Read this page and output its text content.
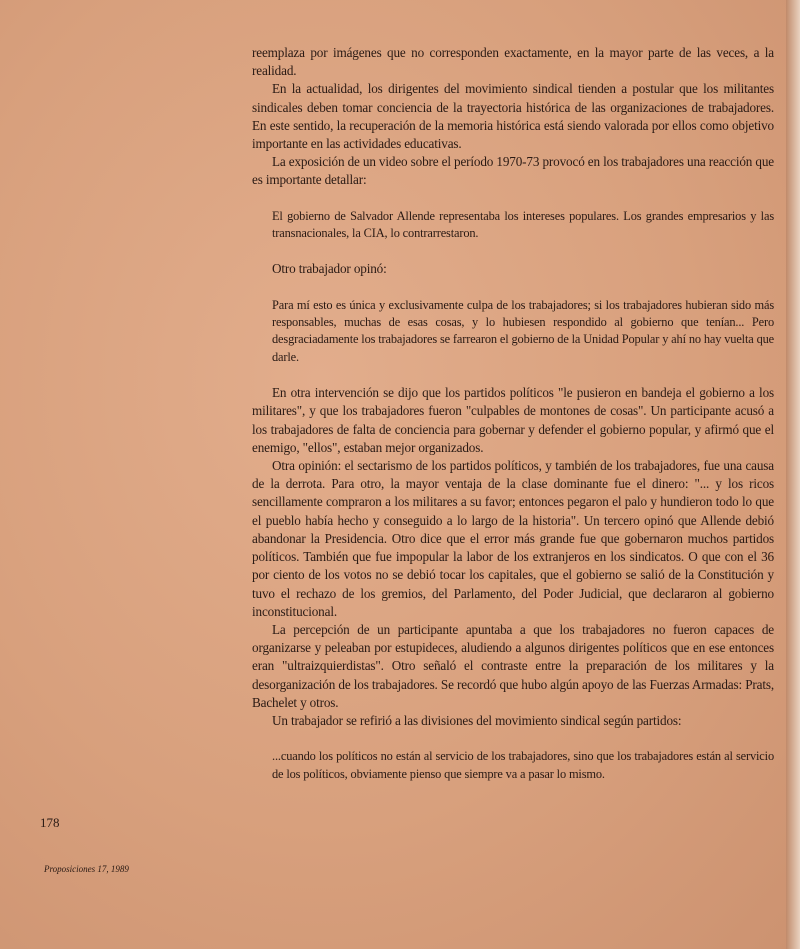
reemplaza por imágenes que no corresponden exactamente, en la mayor parte de las veces, a la realidad.

En la actualidad, los dirigentes del movimiento sindical tienden a postular que los militantes sindicales deben tomar conciencia de la trayectoria histórica de las organizaciones de trabajadores. En este sentido, la recuperación de la memoria histórica está siendo valorada por ellos como objetivo importante en las actividades educativas.

La exposición de un video sobre el período 1970-73 provocó en los trabajadores una reacción que es importante detallar:

El gobierno de Salvador Allende representaba los intereses populares. Los grandes empresarios y las transnacionales, la CIA, lo contrarrestaron.

Otro trabajador opinó:

Para mí esto es única y exclusivamente culpa de los trabajadores; si los trabajadores hubieran sido más responsables, muchas de esas cosas, y lo hubiesen respondido al gobierno que tenían... Pero desgraciadamente los trabajadores se farrearon el gobierno de la Unidad Popular y ahí no hay vuelta que darle.

En otra intervención se dijo que los partidos políticos "le pusieron en bandeja el gobierno a los militares", y que los trabajadores fueron "culpables de montones de cosas". Un participante acusó a los trabajadores de falta de conciencia para gobernar y defender el gobierno popular, y afirmó que el enemigo, "ellos", estaban mejor organizados.

Otra opinión: el sectarismo de los partidos políticos, y también de los trabajadores, fue una causa de la derrota. Para otro, la mayor ventaja de la clase dominante fue el dinero: "... y los ricos sencillamente compraron a los militares a su favor; entonces pegaron el palo y hundieron todo lo que el pueblo había hecho y conseguido a lo largo de la historia". Un tercero opinó que Allende debió abandonar la Presidencia. Otro dice que el error más grande fue que gobernaron muchos partidos políticos. También que fue impopular la labor de los extranjeros en los sindicatos. O que con el 36 por ciento de los votos no se debió tocar los capitales, que el gobierno se salió de la Constitución y tuvo el rechazo de los gremios, del Parlamento, del Poder Judicial, que declararon al gobierno inconstitucional.

La percepción de un participante apuntaba a que los trabajadores no fueron capaces de organizarse y peleaban por estupideces, aludiendo a algunos dirigentes políticos que en ese entonces eran "ultraizquierdistas". Otro señaló el contraste entre la preparación de los militares y la desorganización de los trabajadores. Se recordó que hubo algún apoyo de las Fuerzas Armadas: Prats, Bachelet y otros.

Un trabajador se refirió a las divisiones del movimiento sindical según partidos:

...cuando los políticos no están al servicio de los trabajadores, sino que los trabajadores están al servicio de los políticos, obviamente pienso que siempre va a pasar lo mismo.

178
Proposiciones 17, 1989
